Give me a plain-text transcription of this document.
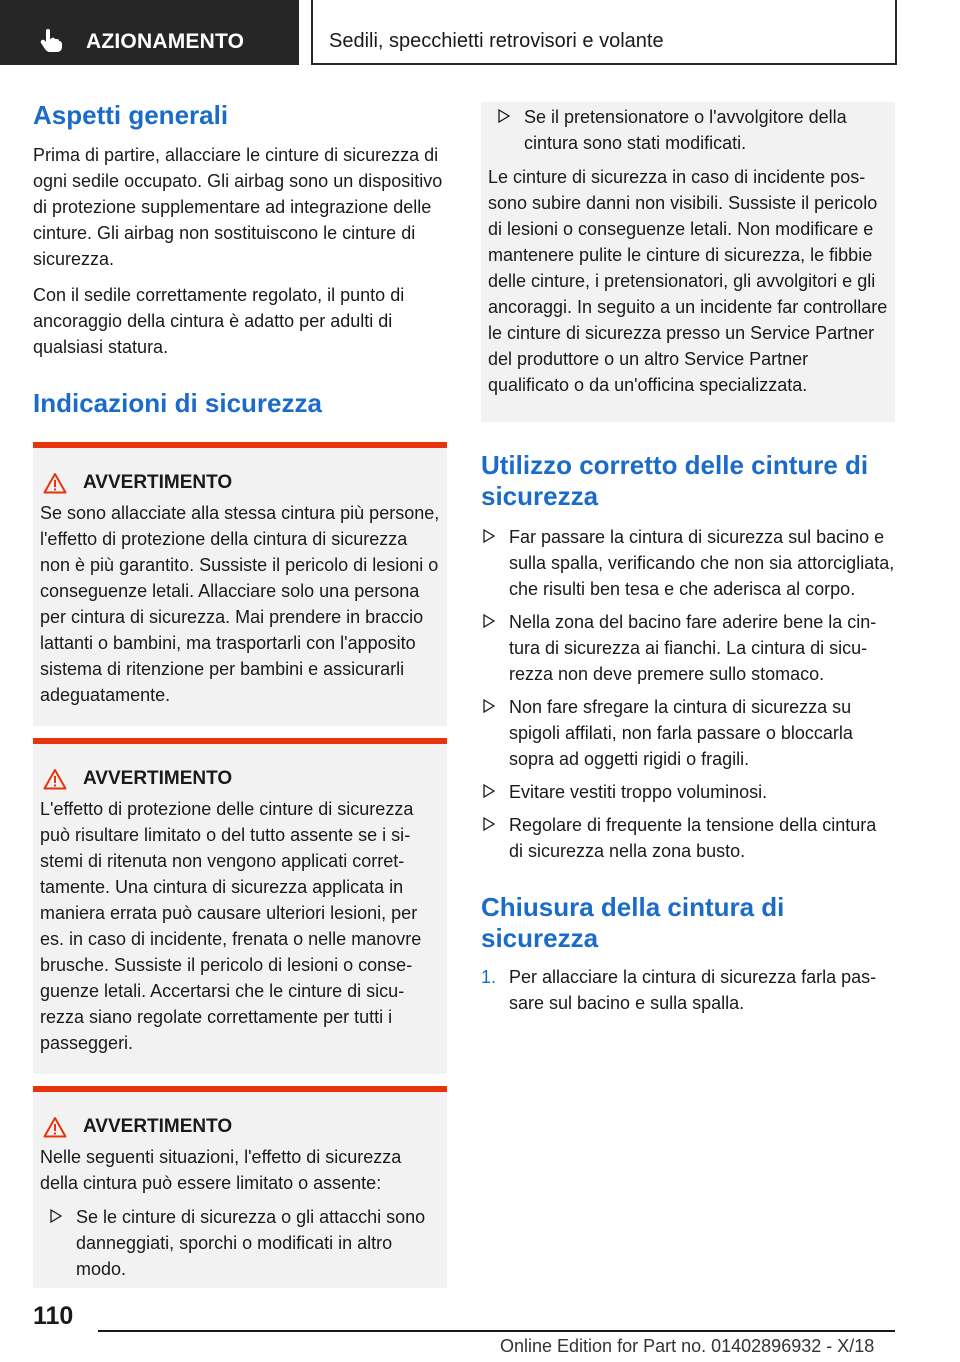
AZIONAMENTO	Sedili, specchietti retrovisori e volante
Aspetti generali

Prima di partire, allacciare le cinture di sicurezza di ogni sedile occupato. Gli airbag sono un dispositivo di protezione supplementare ad integrazione delle cinture. Gli airbag non sostituiscono le cinture di sicurezza.

Con il sedile correttamente regolato, il punto di ancoraggio della cintura è adatto per adulti di qualsiasi statura.

Indicazioni di sicurezza
AVVERTIMENTO

Se sono allacciate alla stessa cintura più persone, l'effetto di protezione della cintura di sicurezza non è più garantito. Sussiste il pericolo di lesioni o conseguenze letali. Allacciare solo una persona per cintura di sicurezza. Mai prendere in braccio lattanti o bambini, ma trasportarli con l'apposito sistema di ritenzione per bambini e assicurarli adeguatamente.

AVVERTIMENTO

L'effetto di protezione delle cinture di sicurezza può risultare limitato o del tutto assente se i sistemi di ritenuta non vengono applicati correttamente. Una cintura di sicurezza applicata in maniera errata può causare ulteriori lesioni, per es. in caso di incidente, frenata o nelle manovre brusche. Sussiste il pericolo di lesioni o conseguenze letali. Accertarsi che le cinture di sicurezza siano regolate correttamente per tutti i passeggeri.

AVVERTIMENTO

Nelle seguenti situazioni, l'effetto di sicurezza della cintura può essere limitato o assente:

Se le cinture di sicurezza o gli attacchi sono danneggiati, sporchi o modificati in altro modo.
Se il pretensionatore o l'avvolgitore della cintura sono stati modificati.

Le cinture di sicurezza in caso di incidente possono subire danni non visibili. Sussiste il pericolo di lesioni o conseguenze letali. Non modificare e mantenere pulite le cinture di sicurezza, le fibbie delle cinture, i pretensionatori, gli avvolgitori e gli ancoraggi. In seguito a un incidente far controllare le cinture di sicurezza presso un Service Partner del produttore o un altro Service Partner qualificato o da un'officina specializzata.

Utilizzo corretto delle cinture di sicurezza
Far passare la cintura di sicurezza sul bacino e sulla spalla, verificando che non sia attorcigliata, che risulti ben tesa e che aderisca al corpo.
Nella zona del bacino fare aderire bene la cintura di sicurezza ai fianchi. La cintura di sicurezza non deve premere sullo stomaco.
Non fare sfregare la cintura di sicurezza su spigoli affilati, non farla passare o bloccarla sopra ad oggetti rigidi o fragili.
Evitare vestiti troppo voluminosi.
Regolare di frequente la tensione della cintura di sicurezza nella zona busto.
Chiusura della cintura di sicurezza
1. Per allacciare la cintura di sicurezza farla passare sul bacino e sulla spalla.
110
Online Edition for Part no. 01402896932 - X/18
